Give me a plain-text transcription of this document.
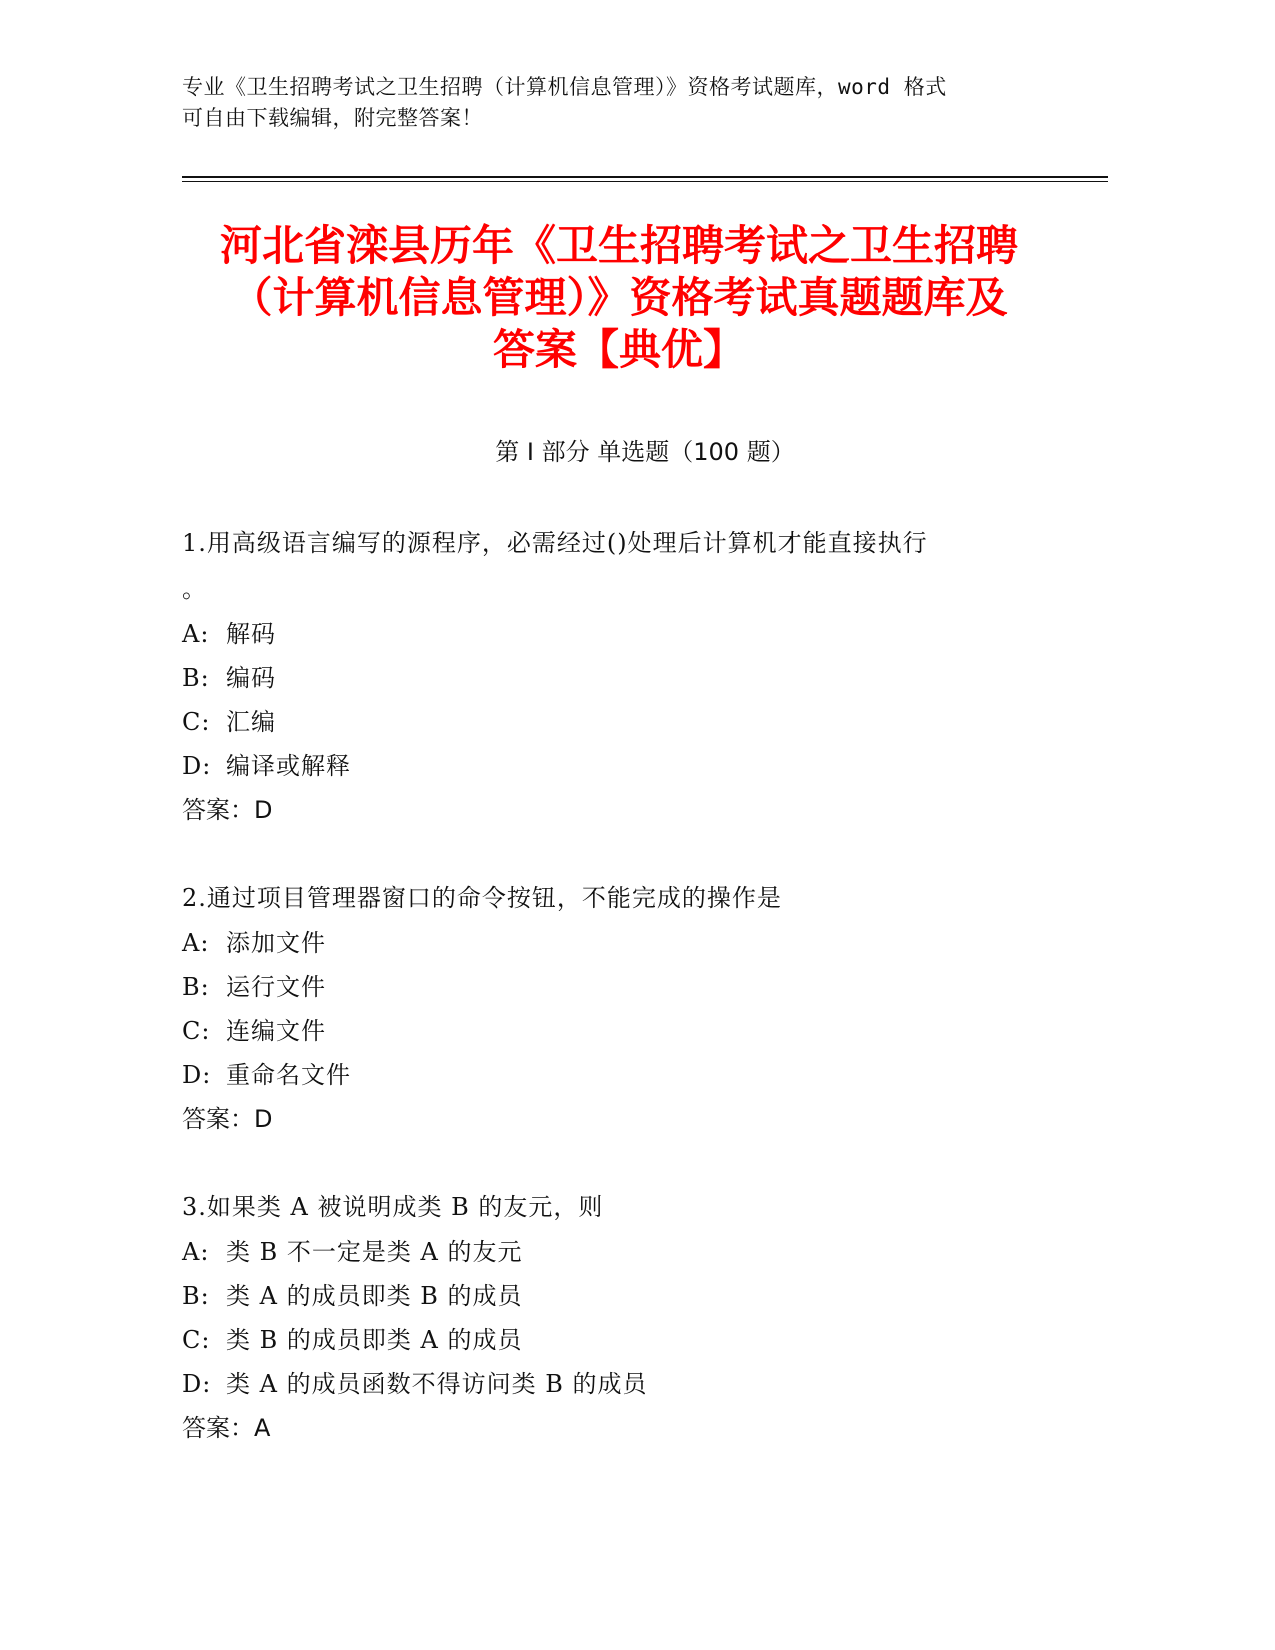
专业《卫生招聘考试之卫生招聘（计算机信息管理）》资格考试题库，word 格式
可自由下载编辑，附完整答案！
河北省滦县历年《卫生招聘考试之卫生招聘
（计算机信息管理）》资格考试真题题库及
答案【典优】
第 I 部分 单选题（100 题）

1.用高级语言编写的源程序，必需经过()处理后计算机才能直接执行

。

A: 解码

B: 编码

C: 汇编

D: 编译或解释

答案：D

2.通过项目管理器窗口的命令按钮，不能完成的操作是

A: 添加文件

B: 运行文件

C: 连编文件

D: 重命名文件

答案：D

3.如果类 A 被说明成类 B 的友元，则

A: 类 B 不一定是类 A 的友元

B: 类 A 的成员即类 B 的成员

C: 类 B 的成员即类 A 的成员

D: 类 A 的成员函数不得访问类 B 的成员

答案：A
